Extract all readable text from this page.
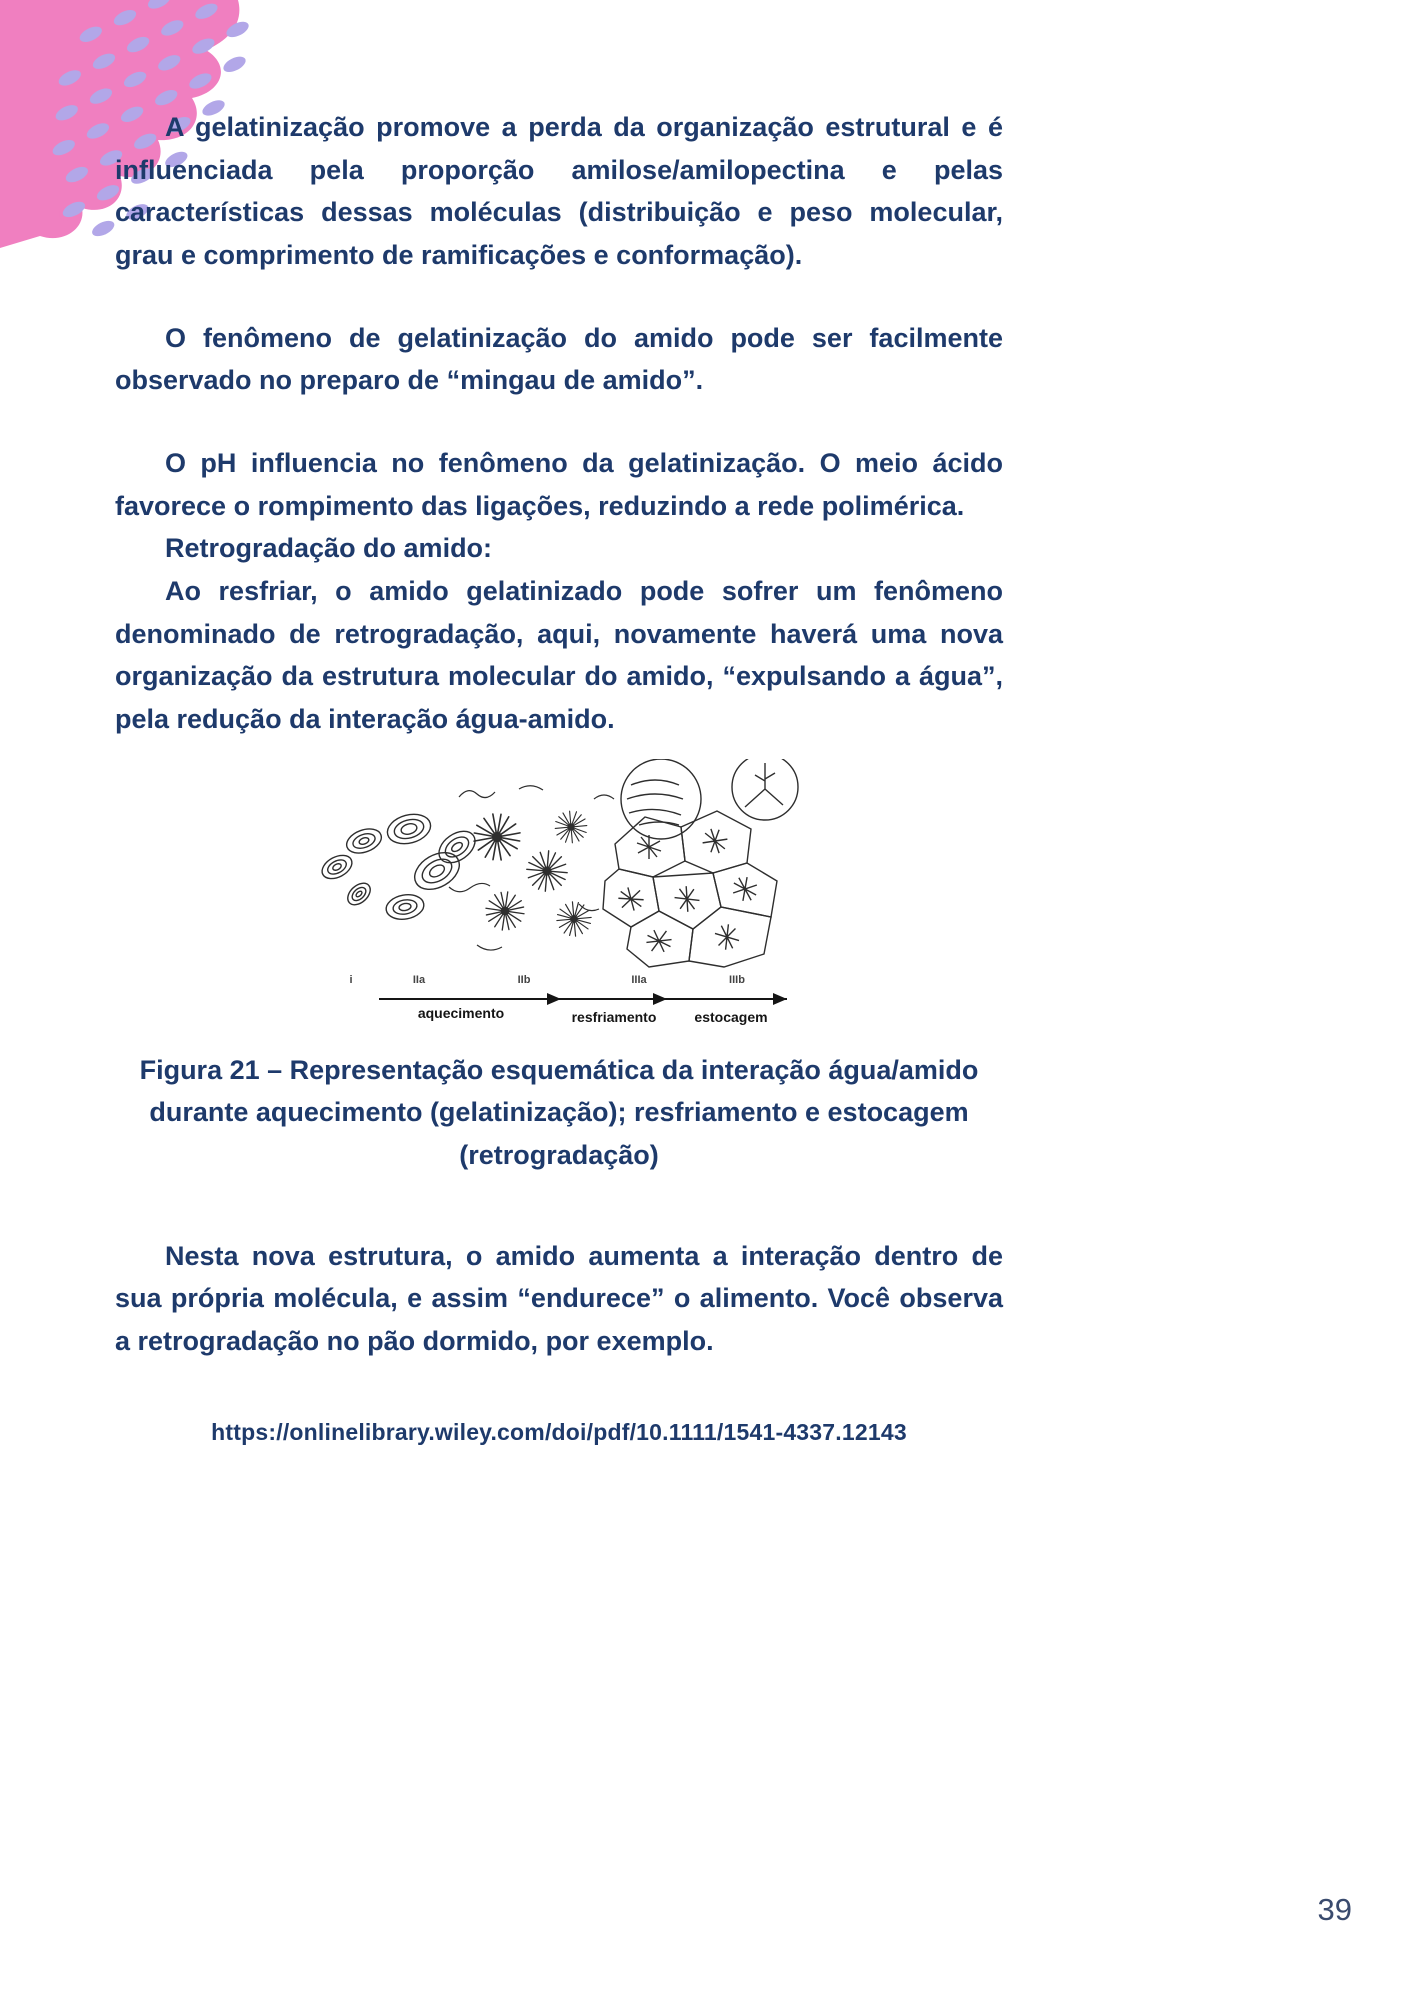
A gelatinização promove a perda da organização estrutural e é influenciada pela proporção amilose/amilopectina e pelas características dessas moléculas (distribuição e peso molecular, grau e comprimento de ramificações e conformação).

O fenômeno de gelatinização do amido pode ser facilmente observado no preparo de “mingau de amido”.

O pH influencia no fenômeno da gelatinização. O meio ácido favorece o rompimento das ligações, reduzindo a rede polimérica.

Retrogradação do amido:

Ao resfriar, o amido gelatinizado pode sofrer um fenômeno denominado de retrogradação, aqui, novamente haverá uma nova organização da estrutura molecular do amido, “expulsando a água”, pela redução da interação água-amido.

i	IIa	IIb	IIIa	IIIb
aquecimento	resfriamento	estocagem

Figura 21 – Representação esquemática da interação água/amido durante aquecimento (gelatinização); resfriamento e estocagem (retrogradação)

Nesta nova estrutura, o amido aumenta a interação dentro de sua própria molécula, e assim “endurece” o alimento. Você observa a retrogradação no pão dormido, por exemplo.

https://onlinelibrary.wiley.com/doi/pdf/10.1111/1541-4337.12143

39
